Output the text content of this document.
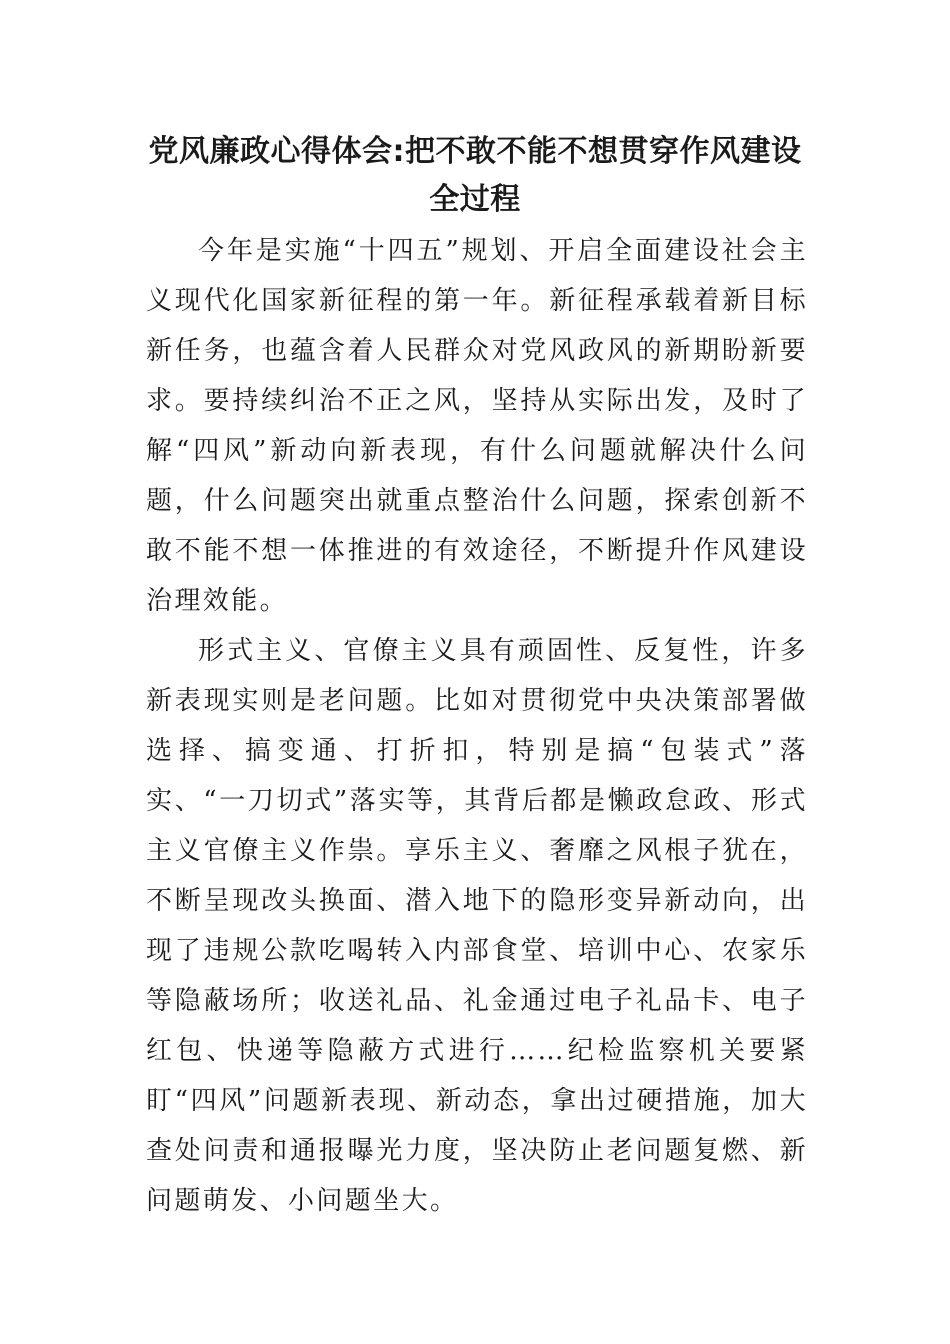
党风廉政心得体会:把不敢不能不想贯穿作风建设全过程

今年是实施“十四五”规划、开启全面建设社会主义现代化国家新征程的第一年。新征程承载着新目标新任务，也蕴含着人民群众对党风政风的新期盼新要求。要持续纠治不正之风，坚持从实际出发，及时了解“四风”新动向新表现，有什么问题就解决什么问题，什么问题突出就重点整治什么问题，探索创新不敢不能不想一体推进的有效途径，不断提升作风建设治理效能。

形式主义、官僚主义具有顽固性、反复性，许多新表现实则是老问题。比如对贯彻党中央决策部署做选择、搞变通、打折扣，特别是搞“包装式”落实、“一刀切式”落实等，其背后都是懒政怠政、形式主义官僚主义作祟。享乐主义、奢靡之风根子犹在，不断呈现改头换面、潜入地下的隐形变异新动向，出现了违规公款吃喝转入内部食堂、培训中心、农家乐等隐蔽场所；收送礼品、礼金通过电子礼品卡、电子红包、快递等隐蔽方式进行……纪检监察机关要紧盯“四风”问题新表现、新动态，拿出过硬措施，加大查处问责和通报曝光力度，坚决防止老问题复燃、新问题萌发、小问题坐大。
